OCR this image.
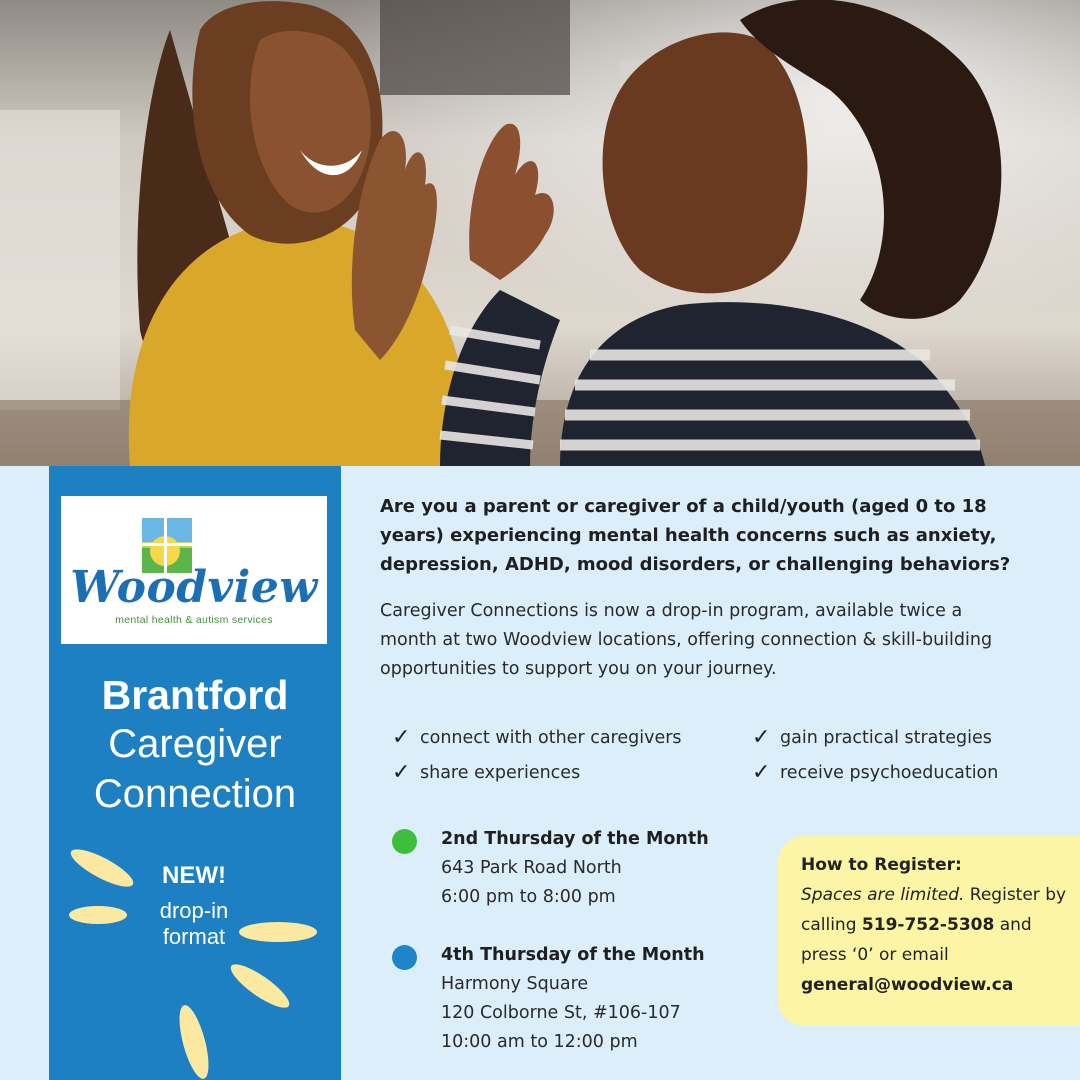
Woodview
mental health & autism services
Brantford
Caregiver
Connection
NEW!
drop-in
format

Are you a parent or caregiver of a child/youth (aged 0 to 18 years) experiencing mental health concerns such as anxiety, depression, ADHD, mood disorders, or challenging behaviors?

Caregiver Connections is now a drop-in program, available twice a month at two Woodview locations, offering connection & skill-building opportunities to support you on your journey.

✓ connect with other caregivers
✓ share experiences
✓ gain practical strategies
✓ receive psychoeducation
2nd Thursday of the Month
643 Park Road North
6:00 pm to 8:00 pm
4th Thursday of the Month
Harmony Square
120 Colborne St, #106-107
10:00 am to 12:00 pm
How to Register:
Spaces are limited. Register by calling 519-752-5308 and press ‘0’ or email general@woodview.ca
